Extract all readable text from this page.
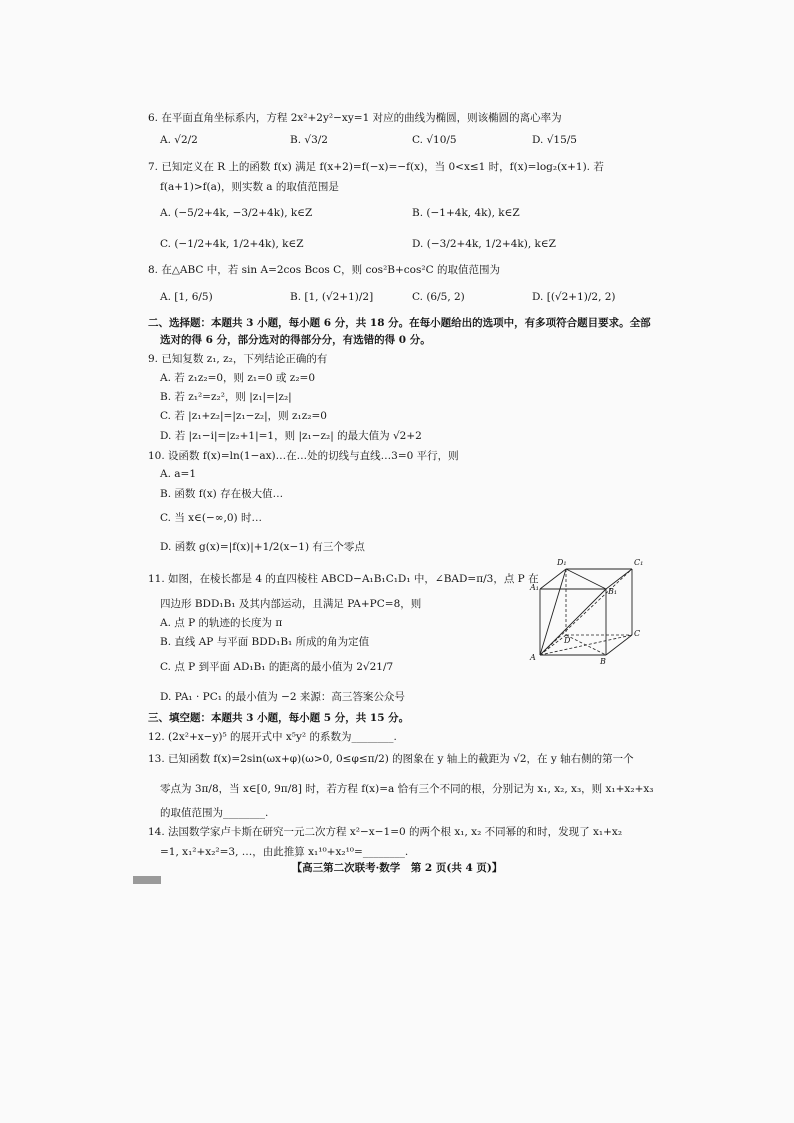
6. 在平面直角坐标系内，方程 2x²+2y²−xy=1 对应的曲线为椭圆，则该椭圆的离心率为
A. √2/2	B. √3/2	C. √10/5	D. √15/5
7. 已知定义在 R 上的函数 f(x) 满足 f(x+2)=f(−x)=−f(x)，当 0<x≤1 时，f(x)=log₂(x+1). 若
f(a+1)>f(a)，则实数 a 的取值范围是
A. (−5/2+4k, −3/2+4k), k∈Z	B. (−1+4k, 4k), k∈Z
C. (−1/2+4k, 1/2+4k), k∈Z	D. (−3/2+4k, 1/2+4k), k∈Z
8. 在△ABC 中，若 sin A=2cos Bcos C，则 cos²B+cos²C 的取值范围为
A. [1, 6/5)	B. [1, (√2+1)/2]	C. (6/5, 2)	D. [(√2+1)/2, 2)
二、选择题：本题共 3 小题，每小题 6 分，共 18 分。在每小题给出的选项中，有多项符合题目要求。全部
选对的得 6 分，部分选对的得部分分，有选错的得 0 分。
9. 已知复数 z₁, z₂，下列结论正确的有
A. 若 z₁z₂=0，则 z₁=0 或 z₂=0
B. 若 z₁²=z₂²，则 |z₁|=|z₂|
C. 若 |z₁+z₂|=|z₁−z₂|，则 z₁z₂=0
D. 若 |z₁−i|=|z₂+1|=1，则 |z₁−z₂| 的最大值为 √2+2
10. 设函数 f(x)=ln(1−ax)…在…处的切线与直线…3=0 平行，则
A. a=1
B. 函数 f(x) 存在极大值…
C. 当 x∈(−∞,0) 时…
D. 函数 g(x)=|f(x)|+1/2(x−1) 有三个零点
11. 如图，在棱长都是 4 的直四棱柱 ABCD−A₁B₁C₁D₁ 中，∠BAD=π/3，点 P 在
四边形 BDD₁B₁ 及其内部运动，且满足 PA+PC=8，则
A. 点 P 的轨迹的长度为 π
B. 直线 AP 与平面 BDD₁B₁ 所成的角为定值
C. 点 P 到平面 AD₁B₁ 的距离的最小值为 2√21/7
D. PA₁ · PC₁ 的最小值为 −2 来源：高三答案公众号
D₁	C₁
A₁	B₁
D
C
A	B
三、填空题：本题共 3 小题，每小题 5 分，共 15 分。
12. (2x²+x−y)⁵ 的展开式中 x⁵y² 的系数为________.
13. 已知函数 f(x)=2sin(ωx+φ)(ω>0, 0≤φ≤π/2) 的图象在 y 轴上的截距为 √2，在 y 轴右侧的第一个
零点为 3π/8，当 x∈[0, 9π/8] 时，若方程 f(x)=a 恰有三个不同的根，分别记为 x₁, x₂, x₃，则 x₁+x₂+x₃
的取值范围为________.
14. 法国数学家卢卡斯在研究一元二次方程 x²−x−1=0 的两个根 x₁, x₂ 不同幂的和时，发现了 x₁+x₂
=1, x₁²+x₂²=3, …，由此推算 x₁¹⁰+x₂¹⁰=________.
【高三第二次联考·数学　第 2 页(共 4 页)】
